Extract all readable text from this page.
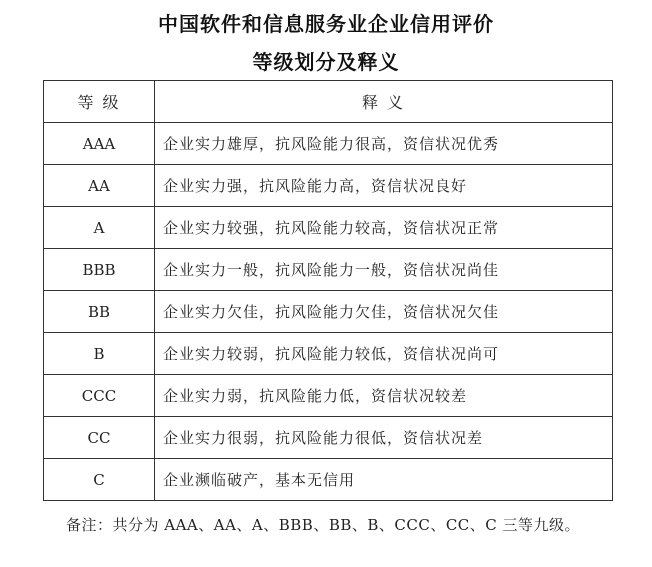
中国软件和信息服务业企业信用评价
等级划分及释义
等 级	释 义
AAA	企业实力雄厚，抗风险能力很高，资信状况优秀
AA	企业实力强，抗风险能力高，资信状况良好
A	企业实力较强，抗风险能力较高，资信状况正常
BBB	企业实力一般，抗风险能力一般，资信状况尚佳
BB	企业实力欠佳，抗风险能力欠佳，资信状况欠佳
B	企业实力较弱，抗风险能力较低，资信状况尚可
CCC	企业实力弱，抗风险能力低，资信状况较差
CC	企业实力很弱，抗风险能力很低，资信状况差
C	企业濒临破产，基本无信用
备注：共分为 AAA、AA、A、BBB、BB、B、CCC、CC、C 三等九级。
